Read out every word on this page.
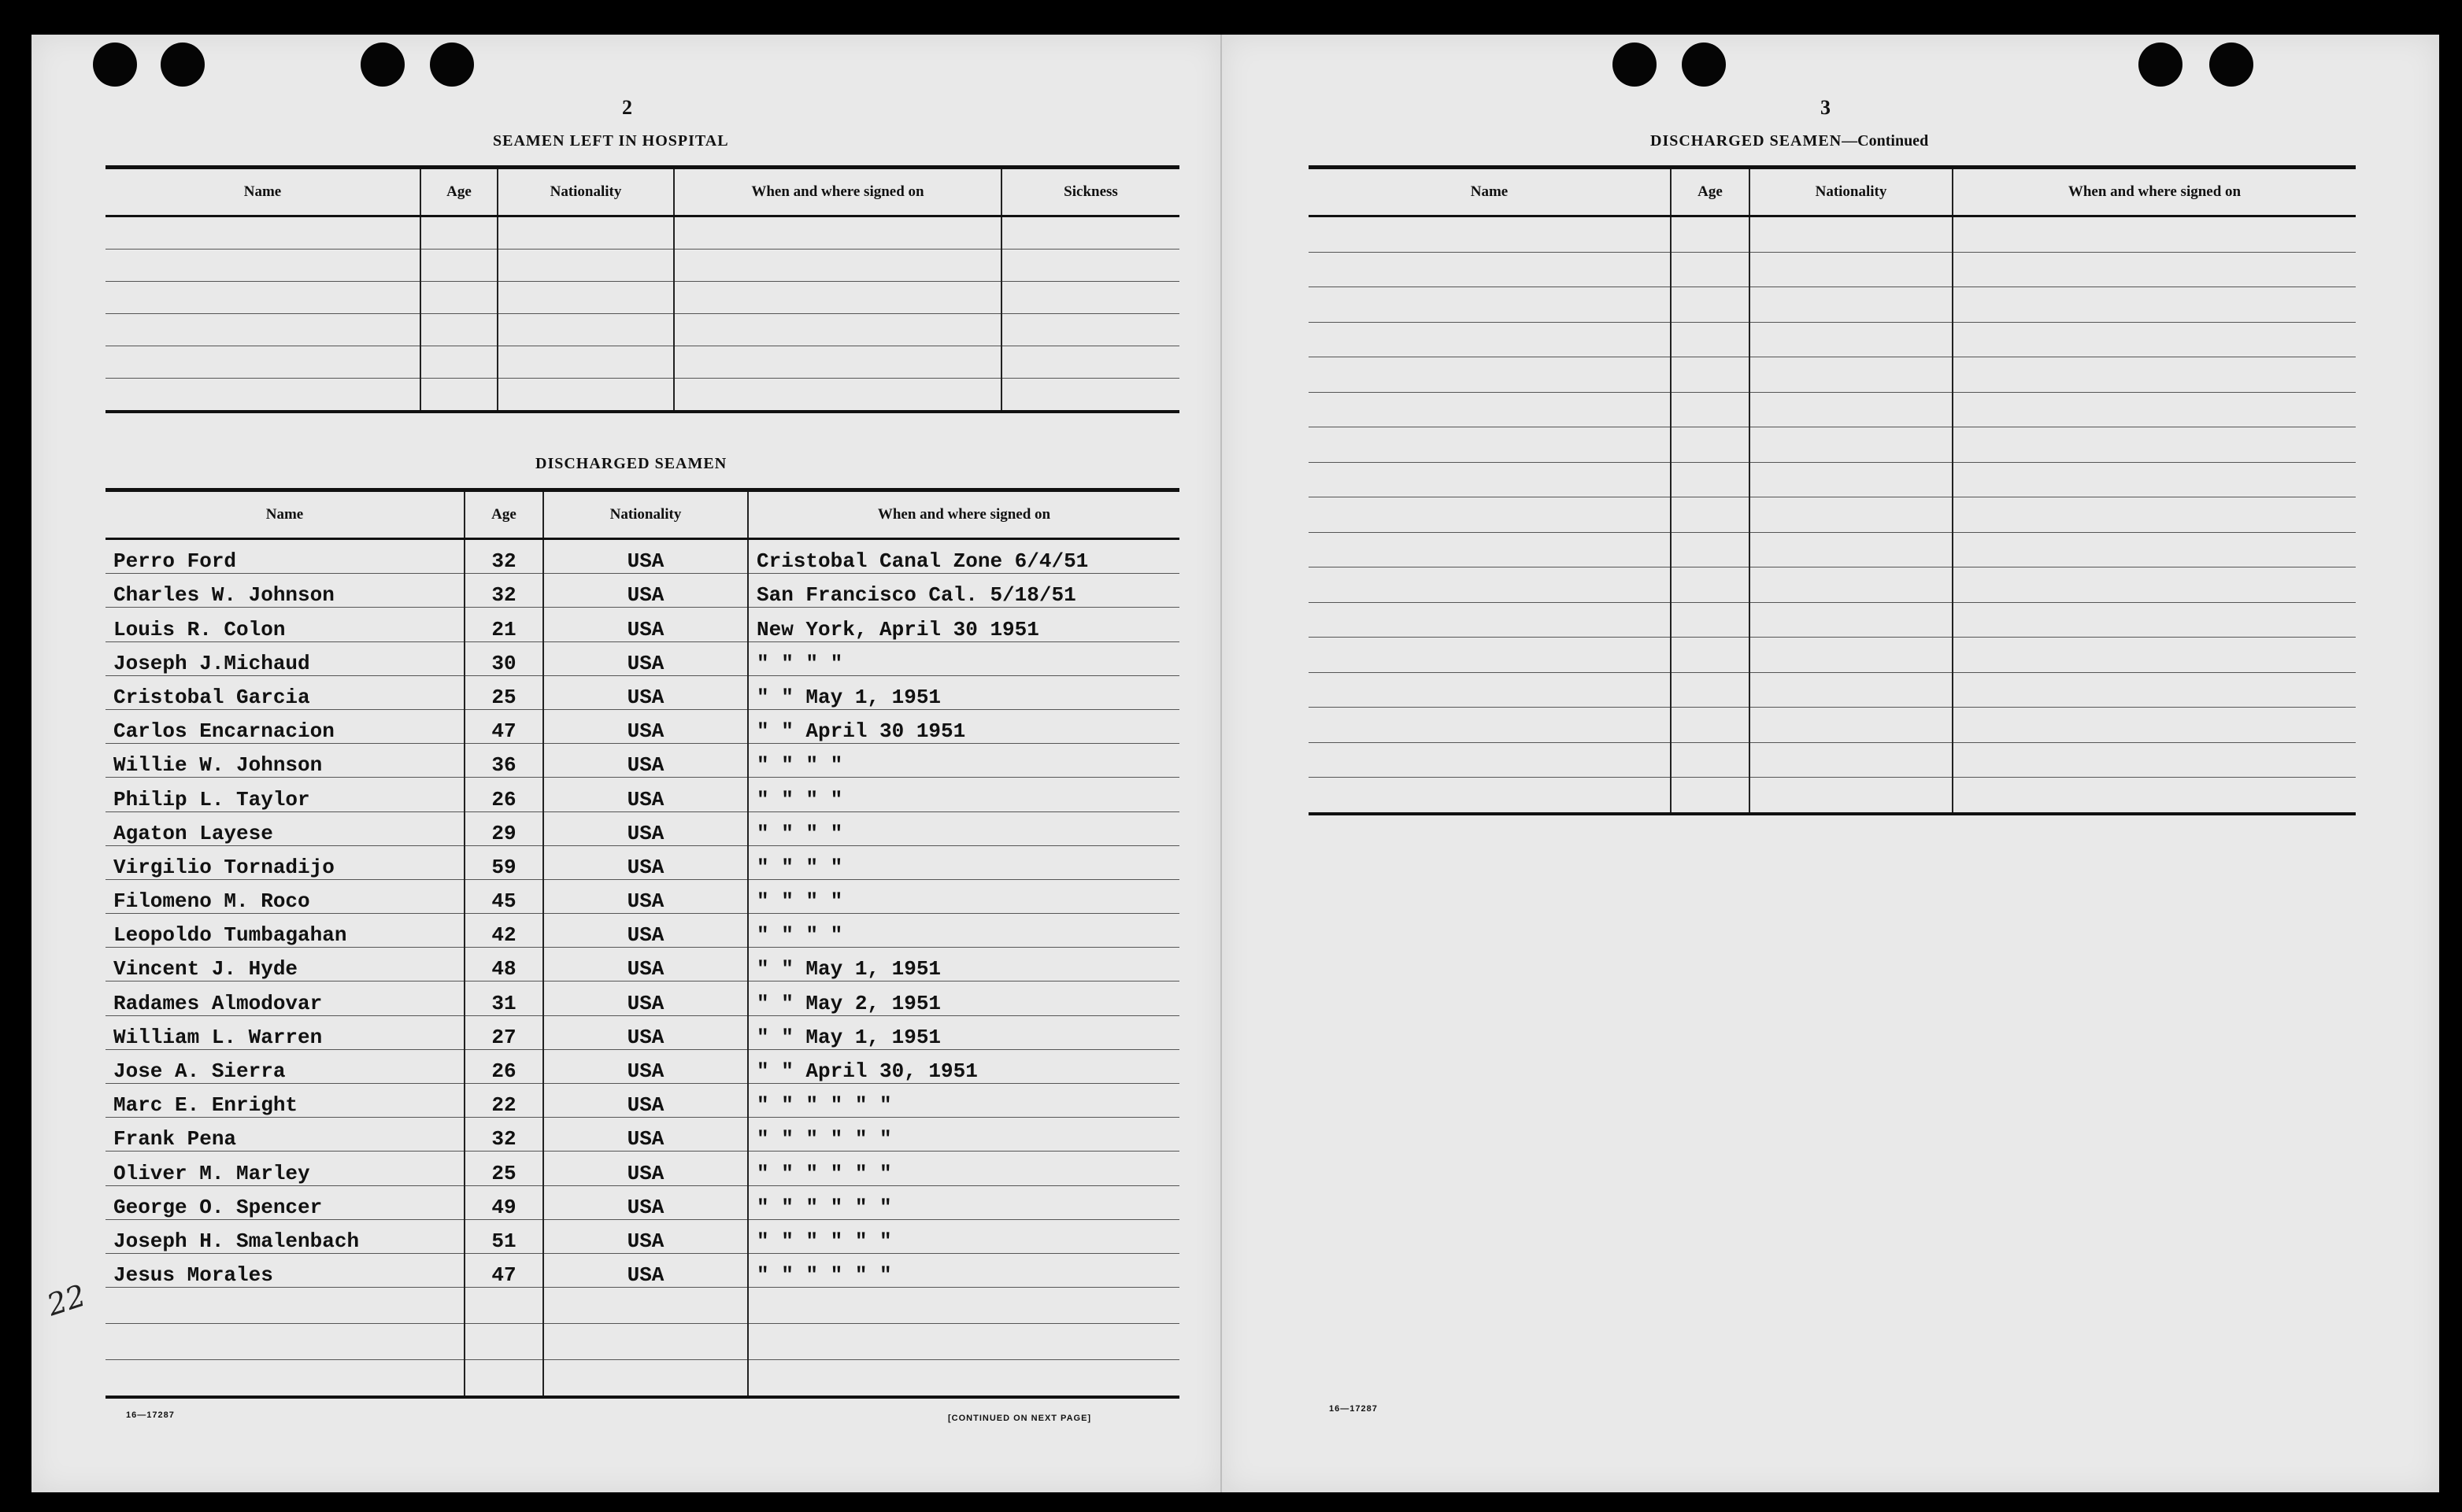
2
SEAMEN LEFT IN HOSPITAL
Name	Age	Nationality	When and where signed on	Sickness

DISCHARGED SEAMEN
Name	Age	Nationality	When and where signed on
Perro Ford	32	USA	Cristobal Canal Zone 6/4/51
Charles W. Johnson	32	USA	San Francisco Cal. 5/18/51
Louis R. Colon	21	USA	New York, April 30 1951
Joseph J.Michaud	30	USA	" " " "
Cristobal Garcia	25	USA	" " May 1, 1951
Carlos Encarnacion	47	USA	" " April 30 1951
Willie W. Johnson	36	USA	" " " "
Philip L. Taylor	26	USA	" " " "
Agaton Layese	29	USA	" " " "
Virgilio Tornadijo	59	USA	" " " "
Filomeno M. Roco	45	USA	" " " "
Leopoldo Tumbagahan	42	USA	" " " "
Vincent J. Hyde	48	USA	" " May 1, 1951
Radames Almodovar	31	USA	" " May 2, 1951
William L. Warren	27	USA	" " May 1, 1951
Jose A. Sierra	26	USA	" " April 30, 1951
Marc E. Enright	22	USA	" " " " " "
Frank Pena	32	USA	" " " " " "
Oliver M. Marley	25	USA	" " " " " "
George O. Spencer	49	USA	" " " " " "
Joseph H. Smalenbach	51	USA	" " " " " "
Jesus Morales	47	USA	" " " " " "

22
16—17287	[CONTINUED ON NEXT PAGE]
3
DISCHARGED SEAMEN—Continued
Name	Age	Nationality	When and where signed on

16—17287
